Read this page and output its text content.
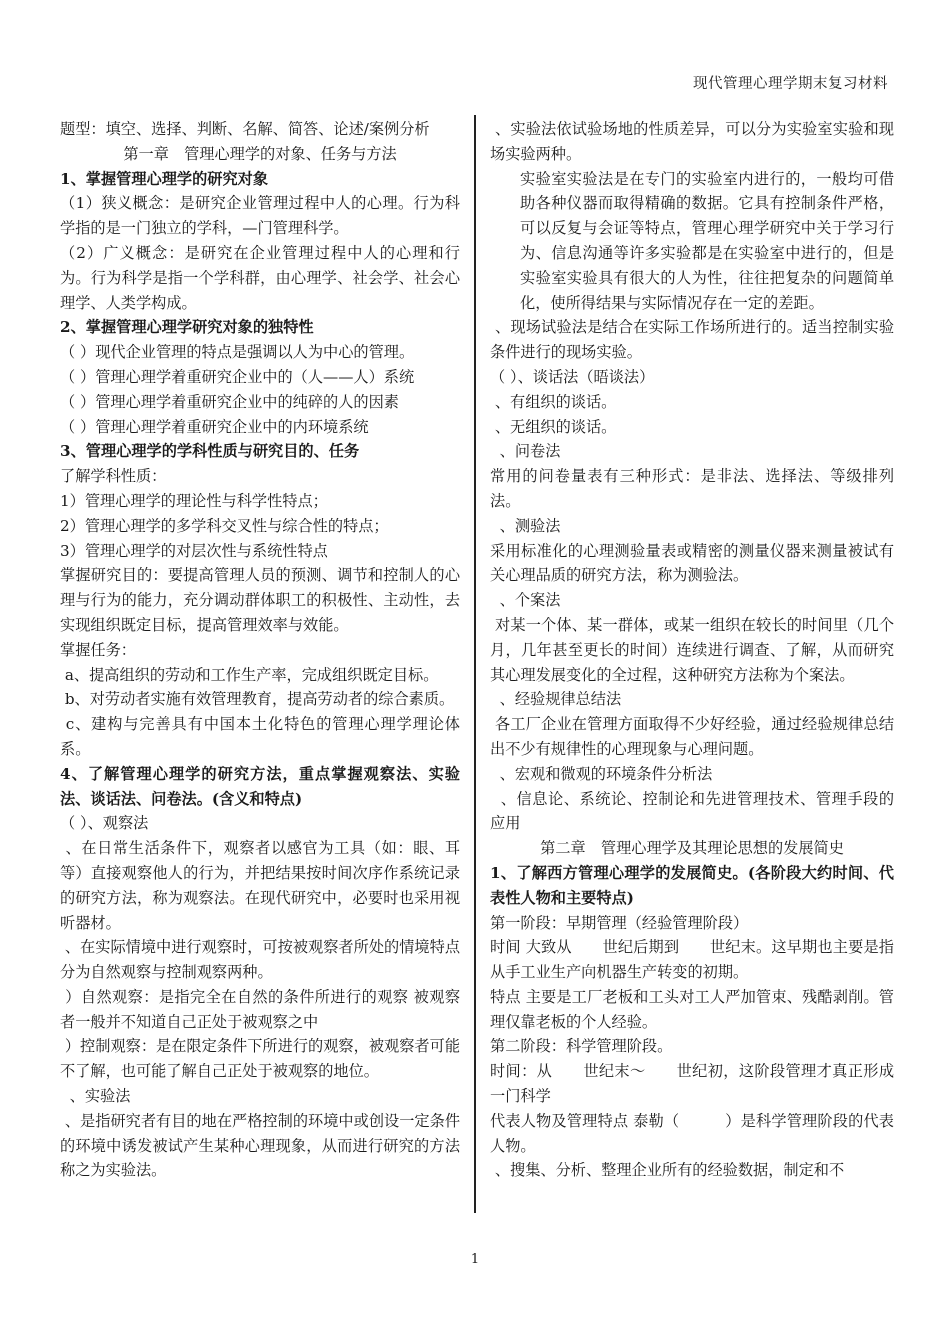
现代管理心理学期末复习材料

题型：填空、选择、判断、名解、简答、论述/案例分析

第一章　管理心理学的对象、任务与方法

1、掌握管理心理学的研究对象

（1）狭义概念：是研究企业管理过程中人的心理。行为科学指的是一门独立的学科，—门管理科学。

（2）广义概念：是研究在企业管理过程中人的心理和行为。行为科学是指一个学科群，由心理学、社会学、社会心理学、人类学构成。

2、掌握管理心理学研究对象的独特性

（ ）现代企业管理的特点是强调以人为中心的管理。

（ ）管理心理学着重研究企业中的（人——人）系统

（ ）管理心理学着重研究企业中的纯碎的人的因素

（ ）管理心理学着重研究企业中的内环境系统

3、管理心理学的学科性质与研究目的、任务

了解学科性质：

1）管理心理学的理论性与科学性特点；

2）管理心理学的多学科交叉性与综合性的特点；

3）管理心理学的对层次性与系统性特点

掌握研究目的：要提高管理人员的预测、调节和控制人的心理与行为的能力，充分调动群体职工的积极性、主动性，去实现组织既定目标，提高管理效率与效能。

掌握任务：

a、提高组织的劳动和工作生产率，完成组织既定目标。

b、对劳动者实施有效管理教育，提高劳动者的综合素质。

c、建构与完善具有中国本土化特色的管理心理学理论体系。

4、了解管理心理学的研究方法，重点掌握观察法、实验法、谈话法、问卷法。(含义和特点)

（ ）、观察法

、在日常生活条件下，观察者以感官为工具（如：眼、耳等）直接观察他人的行为，并把结果按时间次序作系统记录的研究方法，称为观察法。在现代研究中，必要时也采用视听器材。

、在实际情境中进行观察时，可按被观察者所处的情境特点分为自然观察与控制观察两种。

）自然观察：是指完全在自然的条件所进行的观察 被观察者一般并不知道自己正处于被观察之中

）控制观察：是在限定条件下所进行的观察，被观察者可能不了解，也可能了解自己正处于被观察的地位。

、实验法

、是指研究者有目的地在严格控制的环境中或创设一定条件的环境中诱发被试产生某种心理现象，从而进行研究的方法称之为实验法。

、实验法依试验场地的性质差异，可以分为实验室实验和现场实验两种。

实验室实验法是在专门的实验室内进行的，一般均可借助各种仪器而取得精确的数据。它具有控制条件严格，可以反复与会证等特点，管理心理学研究中关于学习行为、信息沟通等许多实验都是在实验室中进行的，但是实验室实验具有很大的人为性，往往把复杂的问题简单化，使所得结果与实际情况存在一定的差距。

、现场试验法是结合在实际工作场所进行的。适当控制实验条件进行的现场实验。

（ ）、谈话法（晤谈法）

、有组织的谈话。

、无组织的谈话。

、问卷法

常用的问卷量表有三种形式：是非法、选择法、等级排列法。

、测验法

采用标准化的心理测验量表或精密的测量仪器来测量被试有关心理品质的研究方法，称为测验法。

、个案法

对某一个体、某一群体，或某一组织在较长的时间里（几个月，几年甚至更长的时间）连续进行调查、了解，从而研究其心理发展变化的全过程，这种研究方法称为个案法。

、经验规律总结法

各工厂企业在管理方面取得不少好经验，通过经验规律总结出不少有规律性的心理现象与心理问题。

、宏观和微观的环境条件分析法

、信息论、系统论、控制论和先进管理技术、管理手段的应用

第二章　管理心理学及其理论思想的发展简史

1、了解西方管理心理学的发展简史。(各阶段大约时间、代表性人物和主要特点)

第一阶段：早期管理（经验管理阶段）

时间 大致从　　世纪后期到　　世纪末。这早期也主要是指从手工业生产向机器生产转变的初期。

特点 主要是工厂老板和工头对工人严加管束、残酷剥削。管理仅靠老板的个人经验。

第二阶段：科学管理阶段。

时间：从　　世纪末～　　世纪初，这阶段管理才真正形成一门科学

代表人物及管理特点 泰勒（　　　）是科学管理阶段的代表人物。

、搜集、分析、整理企业所有的经验数据，制定和不

1
